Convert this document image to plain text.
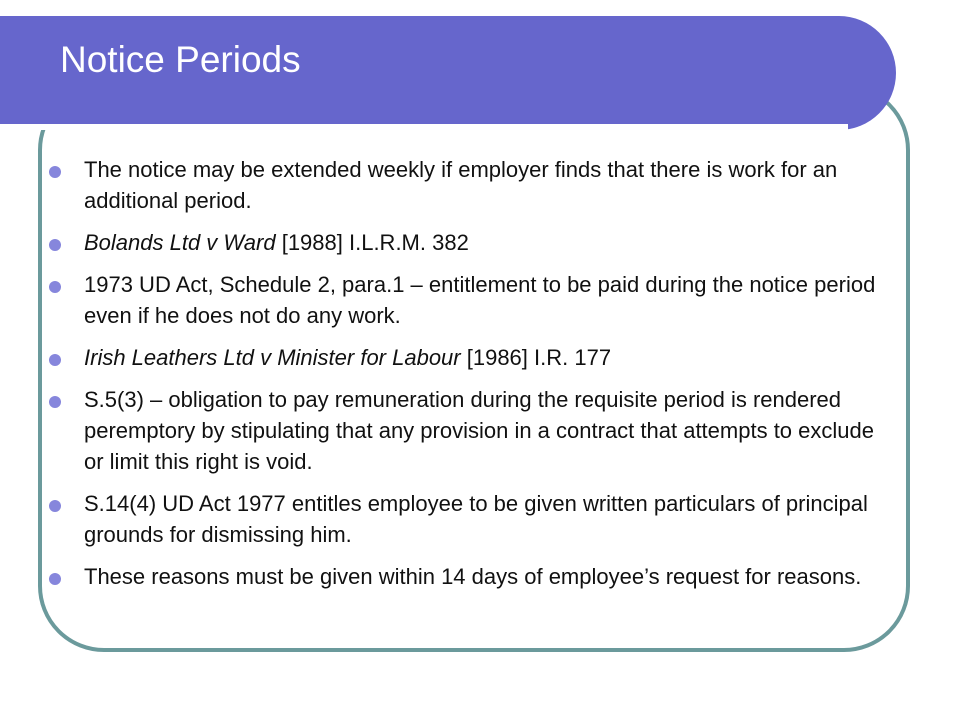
Notice Periods
The notice may be extended weekly if employer finds that there is work for an additional period.
Bolands Ltd v Ward [1988] I.L.R.M. 382
1973 UD Act, Schedule 2, para.1 – entitlement to be paid during the notice period even if he does not do any work.
Irish Leathers Ltd v Minister for Labour [1986] I.R. 177
S.5(3) – obligation to pay remuneration during the requisite period is rendered peremptory by stipulating that any provision in a contract that attempts to exclude or limit this right is void.
S.14(4) UD Act 1977 entitles employee to be given written particulars of principal grounds for dismissing him.
These reasons must be given within 14 days of employee’s request for reasons.
